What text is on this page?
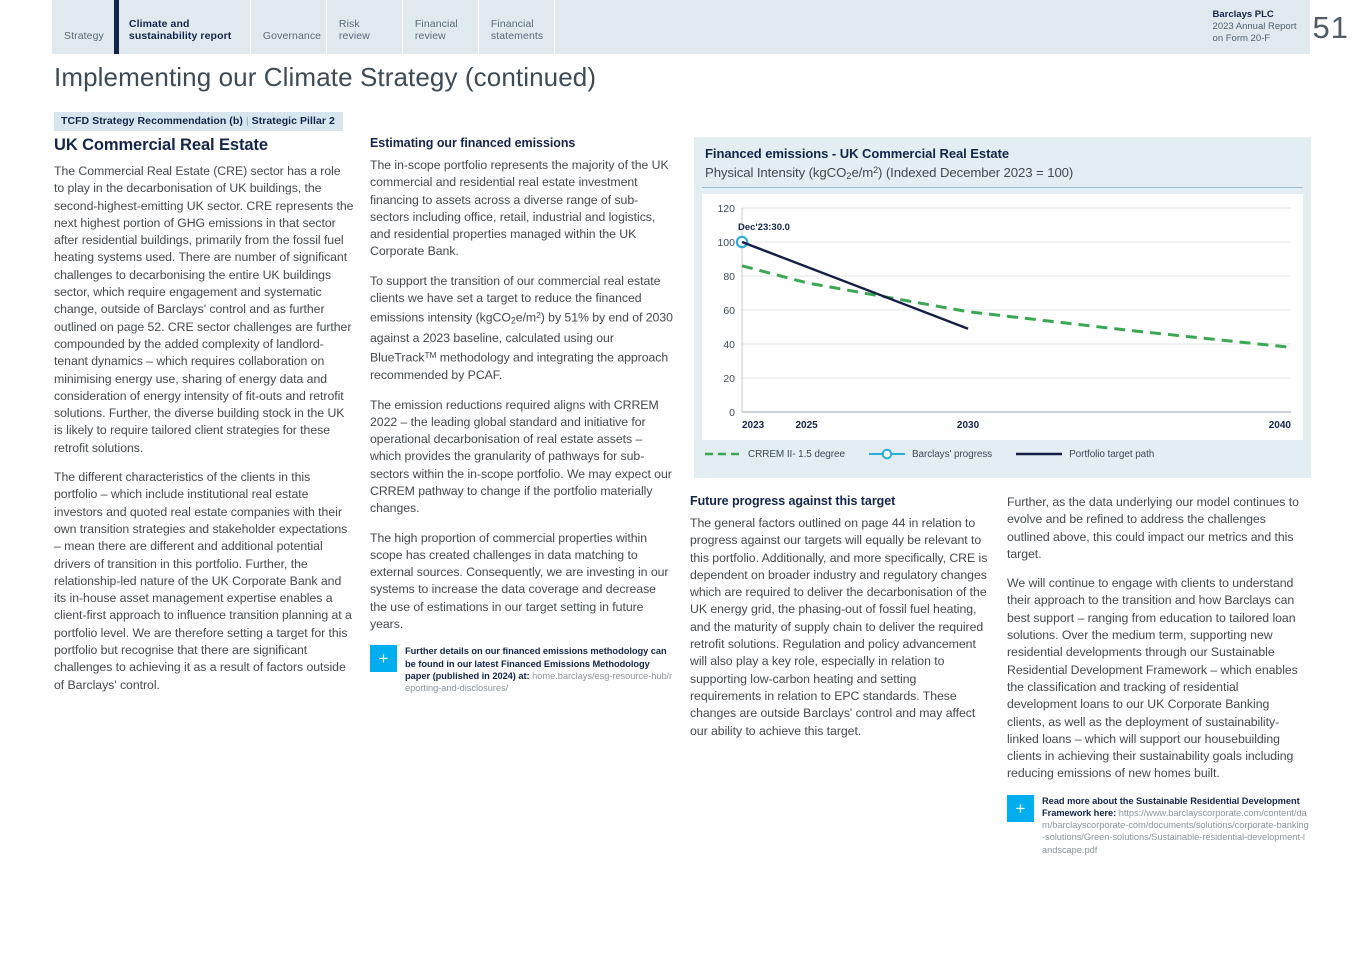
Strategy
Climate and
sustainability report	Governance
Risk
review
Financial
review
Financial
statements
Barclays PLC
2023 Annual Report
on Form 20-F	51
Implementing our Climate Strategy (continued)
TCFD Strategy Recommendation (b) | Strategic Pillar 2
UK Commercial Real Estate

The Commercial Real Estate (CRE) sector has a role to play in the decarbonisation of UK buildings, the second-highest-emitting UK sector. CRE represents the next highest portion of GHG emissions in that sector after residential buildings, primarily from the fossil fuel heating systems used. There are number of significant challenges to decarbonising the entire UK buildings sector, which require engagement and systematic change, outside of Barclays' control and as further outlined on page 52. CRE sector challenges are further compounded by the added complexity of landlord-tenant dynamics – which requires collaboration on minimising energy use, sharing of energy data and consideration of energy intensity of fit-outs and retrofit solutions. Further, the diverse building stock in the UK is likely to require tailored client strategies for these retrofit solutions.

The different characteristics of the clients in this portfolio – which include institutional real estate investors and quoted real estate companies with their own transition strategies and stakeholder expectations – mean there are different and additional potential drivers of transition in this portfolio. Further, the relationship-led nature of the UK Corporate Bank and its in-house asset management expertise enables a client-first approach to influence transition planning at a portfolio level. We are therefore setting a target for this portfolio but recognise that there are significant challenges to achieving it as a result of factors outside of Barclays' control.

Estimating our financed emissions

The in-scope portfolio represents the majority of the UK commercial and residential real estate investment financing to assets across a diverse range of sub-sectors including office, retail, industrial and logistics, and residential properties managed within the UK Corporate Bank.

To support the transition of our commercial real estate clients we have set a target to reduce the financed emissions intensity $(kgCO_2e/m^2)$ by 51% by end of 2030 against a 2023 baseline, calculated using our BlueTrack™ methodology and integrating the approach recommended by PCAF.

The emission reductions required aligns with CRREM 2022 – the leading global standard and initiative for operational decarbonisation of real estate assets – which provides the granularity of pathways for sub-sectors within the in-scope portfolio. We may expect our CRREM pathway to change if the portfolio materially changes.

The high proportion of commercial properties within scope has created challenges in data matching to external sources. Consequently, we are investing in our systems to increase the data coverage and decrease the use of estimations in our target setting in future years.

+	Further details on our financed emissions methodology can be found in our latest Financed Emissions Methodology paper (published in 2024) at: home.barclays/esg-resource-hub/reporting-and-disclosures/
Financed emissions - UK Commercial Real Estate
Physical Intensity $(kgCO_2e/m^2)$ (Indexed December 2023 = 100)
0
20
40
60
80
100
120
2023	2025	2030	2040
Dec'23:30.0
CRREM II- 1.5 degree	Barclays' progress	Portfolio target path
Future progress against this target

The general factors outlined on page 44 in relation to progress against our targets will equally be relevant to this portfolio. Additionally, and more specifically, CRE is dependent on broader industry and regulatory changes which are required to deliver the decarbonisation of the UK energy grid, the phasing-out of fossil fuel heating, and the maturity of supply chain to deliver the required retrofit solutions. Regulation and policy advancement will also play a key role, especially in relation to supporting low-carbon heating and setting requirements in relation to EPC standards. These changes are outside Barclays' control and may affect our ability to achieve this target.

Further, as the data underlying our model continues to evolve and be refined to address the challenges outlined above, this could impact our metrics and this target.

We will continue to engage with clients to understand their approach to the transition and how Barclays can best support – ranging from education to tailored loan solutions. Over the medium term, supporting new residential developments through our Sustainable Residential Development Framework – which enables the classification and tracking of residential development loans to our UK Corporate Banking clients, as well as the deployment of sustainability-linked loans – which will support our housebuilding clients in achieving their sustainability goals including reducing emissions of new homes built.

+	Read more about the Sustainable Residential Development Framework here: https://www.barclayscorporate.com/content/dam/barclayscorporate-com/documents/solutions/corporate-banking-solutions/Green-solutions/Sustainable-residential-development-landscape.pdf
